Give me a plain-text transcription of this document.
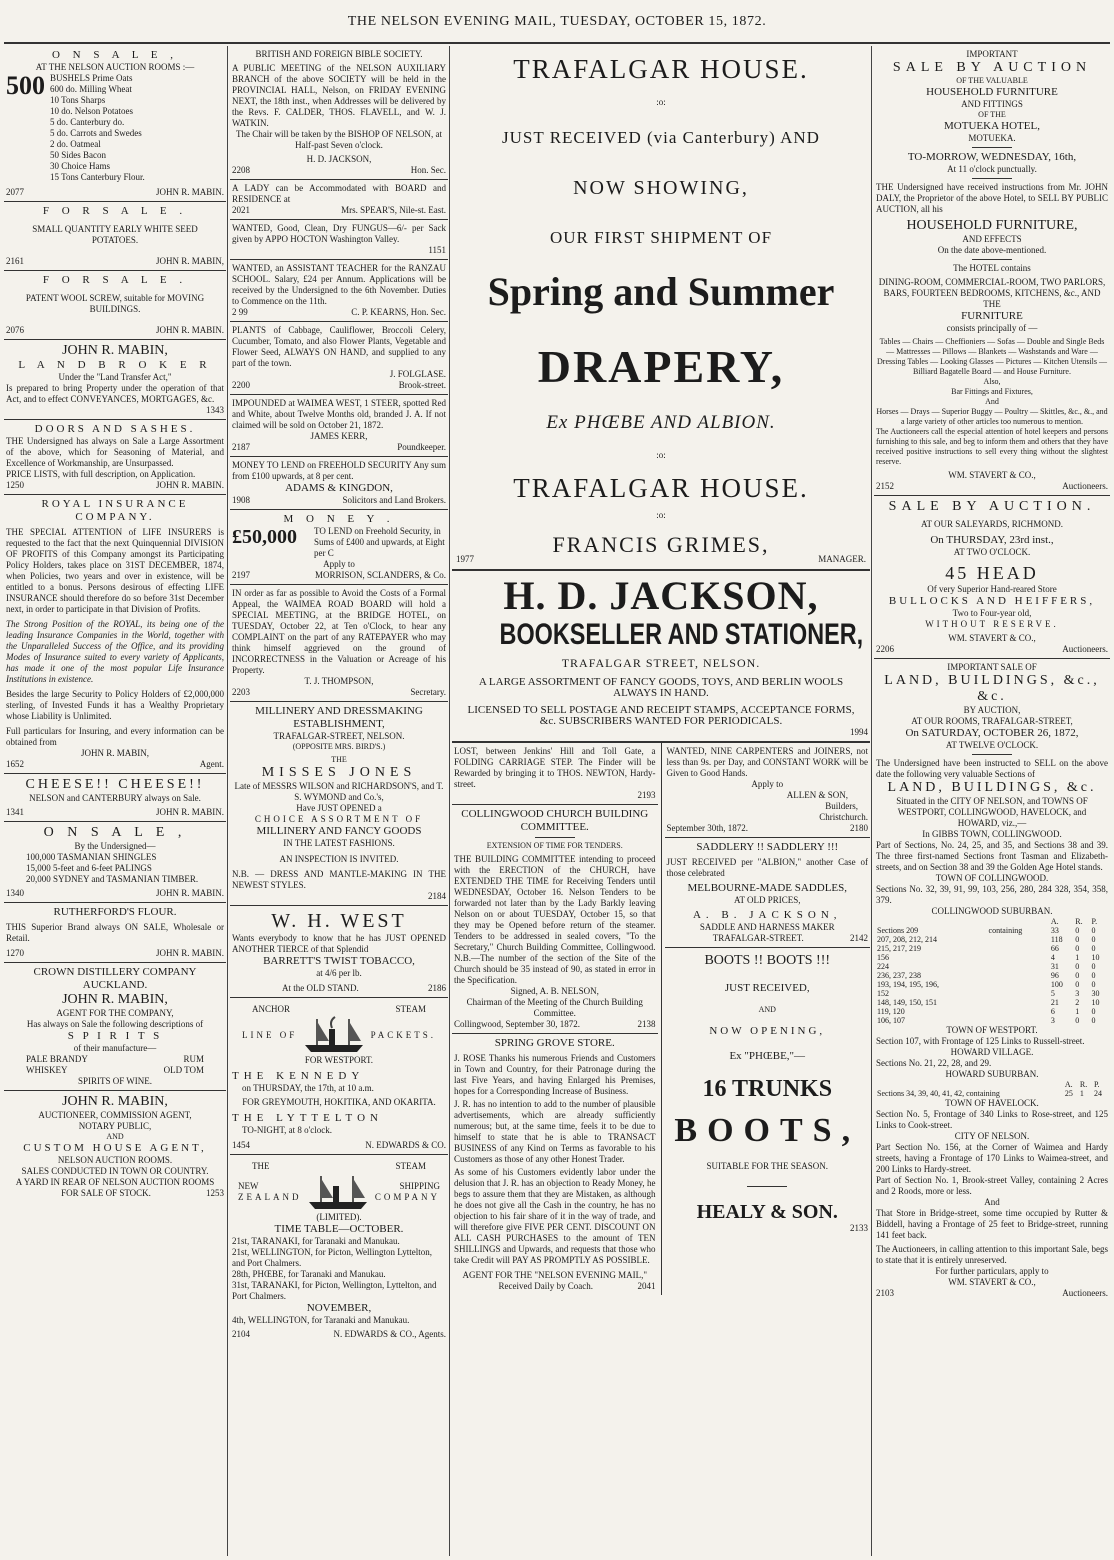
THE NELSON EVENING MAIL, TUESDAY, OCTOBER 15, 1872.
O N S A L E ,
AT THE NELSON AUCTION ROOMS :—
500 BUSHELS Prime Oats
600 do. Milling Wheat
10 Tons Sharps
10 do. Nelson Potatoes
5 do. Canterbury do.
5 do. Carrots and Swedes
2 do. Oatmeal
50 Sides Bacon
30 Choice Hams
15 Tons Canterbury Flour.
2077	JOHN R. MABIN.
F O R S A L E .
SMALL QUANTITY EARLY WHITE SEED POTATOES.
2161	JOHN R. MABIN,
F O R S A L E .
PATENT WOOL SCREW, suitable for MOVING BUILDINGS.
2076	JOHN R. MABIN.
JOHN R. MABIN,
L A N D B R O K E R
Under the "Land Transfer Act,"
Is prepared to bring Property under the operation of that Act, and to effect CONVEYANCES, MORTGAGES, &c.
1343
DOORS AND SASHES.
THE Undersigned has always on Sale a Large Assortment of the above, which for Seasoning of Material, and Excellence of Workmanship, are Unsurpassed.
PRICE LISTS, with full description, on Application.
1250	JOHN R. MABIN.
ROYAL INSURANCE COMPANY.
THE SPECIAL ATTENTION of LIFE INSURERS is requested to the fact that the next Quinquennial DIVISION OF PROFITS of this Company amongst its Participating Policy Holders, takes place on 31ST DECEMBER, 1874, when Policies, two years and over in existence, will be entitled to a bonus. Persons desirous of effecting LIFE INSURANCE should therefore do so before 31st December next, in order to participate in that Division of Profits.
The Strong Position of the ROYAL, its being one of the leading Insurance Companies in the World, together with the Unparalleled Success of the Office, and its providing Modes of Insurance suited to every variety of Applicants, has made it one of the most popular Life Insurance Institutions in existence.
Besides the large Security to Policy Holders of £2,000,000 sterling, of Invested Funds it has a Wealthy Proprietary whose Liability is Unlimited.
Full particulars for Insuring, and every information can be obtained from
JOHN R. MABIN,
1652	Agent.
CHEESE!! CHEESE!!
NELSON and CANTERBURY always on Sale.
1341	JOHN R. MABIN.
O N S A L E ,
By the Undersigned—
100,000 TASMANIAN SHINGLES
15,000 5-feet and 6-feet PALINGS
20,000 SYDNEY and TASMANIAN TIMBER.
1340	JOHN R. MABIN.
RUTHERFORD'S FLOUR.
THIS Superior Brand always ON SALE, Wholesale or Retail.
1270	JOHN R. MABIN.
CROWN DISTILLERY COMPANY AUCKLAND.
JOHN R. MABIN,
AGENT FOR THE COMPANY,
Has always on Sale the following descriptions of
S P I R I T S
of their manufacture—
PALE BRANDY	RUM
WHISKEY	OLD TOM
SPIRITS OF WINE.
JOHN R. MABIN,
AUCTIONEER, COMMISSION AGENT,
NOTARY PUBLIC,
AND
CUSTOM HOUSE AGENT,
NELSON AUCTION ROOMS.
SALES CONDUCTED IN TOWN OR COUNTRY.
A YARD IN REAR OF NELSON AUCTION ROOMS
FOR SALE OF STOCK.	1253
BRITISH AND FOREIGN BIBLE SOCIETY.
A PUBLIC MEETING of the NELSON AUXILIARY BRANCH of the above SOCIETY will be held in the PROVINCIAL HALL, Nelson, on FRIDAY EVENING NEXT, the 18th inst., when Addresses will be delivered by the Revs. F. CALDER, THOS. FLAVELL, and W. J. WATKIN.
The Chair will be taken by the BISHOP OF NELSON, at Half-past Seven o'clock.
H. D. JACKSON,
2208	Hon. Sec.
A LADY can be Accommodated with BOARD and RESIDENCE at
2021	Mrs. SPEAR'S, Nile-st. East.
WANTED, Good, Clean, Dry FUNGUS—6/- per Sack given by APPO HOCTON Washington Valley.
1151
WANTED, an ASSISTANT TEACHER for the RANZAU SCHOOL. Salary, £24 per Annum. Applications will be received by the Undersigned to the 6th November. Duties to Commence on the 11th.
2 99	C. P. KEARNS, Hon. Sec.
PLANTS of Cabbage, Cauliflower, Broccoli Celery, Cucumber, Tomato, and also Flower Plants, Vegetable and Flower Seed, ALWAYS ON HAND, and supplied to any part of the town.
J. FOLGLASE.
2200	Brook-street.
IMPOUNDED at WAIMEA WEST, 1 STEER, spotted Red and White, about Twelve Months old, branded J. A. If not claimed will be sold on October 21, 1872.
JAMES KERR,
2187	Poundkeeper.
MONEY TO LEND on FREEHOLD SECURITY Any sum from £100 upwards, at 8 per cent.
ADAMS & KINGDON,
1908	Solicitors and Land Brokers.
M O N E Y .
£50,000	TO LEND on Freehold Security, in Sums of £400 and upwards, at Eight per C
Apply to
2197	MORRISON, SCLANDERS, & Co.
IN order as far as possible to Avoid the Costs of a Formal Appeal, the WAIMEA ROAD BOARD will hold a SPECIAL MEETING, at the BRIDGE HOTEL, on TUESDAY, October 22, at Ten o'Clock, to hear any COMPLAINT on the part of any RATEPAYER who may think himself aggrieved on the ground of INCORRECTNESS in the Valuation or Acreage of his Property.
T. J. THOMPSON,
2203	Secretary.
MILLINERY AND DRESSMAKING ESTABLISHMENT,
TRAFALGAR-STREET, NELSON.
(OPPOSITE MRS. BIRD'S.)
THE
MISSES JONES
Late of MESSRS WILSON and RICHARDSON'S, and T. S. WYMOND and Co.'s,
Have JUST OPENED a
CHOICE ASSORTMENT OF
MILLINERY AND FANCY GOODS
IN THE LATEST FASHIONS.
AN INSPECTION IS INVITED.
N.B. — DRESS AND MANTLE-MAKING IN THE NEWEST STYLES.
2184
W. H. WEST
Wants everybody to know that he has JUST OPENED ANOTHER TIERCE of that Splendid
BARRETT'S TWIST TOBACCO,
at 4/6 per lb.
At the OLD STAND.	2186
ANCHOR	STEAM
LINE OF	PACKETS.
FOR WESTPORT.
THE KENNEDY
on THURSDAY, the 17th, at 10 a.m.
FOR GREYMOUTH, HOKITIKA, AND OKARITA.
THE LYTTELTON
TO-NIGHT, at 8 o'clock.
1454	N. EDWARDS & CO.
THE	STEAM
NEW
ZEALAND
SHIPPING
COMPANY
(LIMITED).
TIME TABLE—OCTOBER.
21st, TARANAKI, for Taranaki and Manukau.
21st, WELLINGTON, for Picton, Wellington Lyttelton, and Port Chalmers.
28th, PHŒBE, for Taranaki and Manukau.
31st, TARANAKI, for Picton, Wellington, Lyttelton, and Port Chalmers.
NOVEMBER,
4th, WELLINGTON, for Taranaki and Manukau.
2104	N. EDWARDS & CO., Agents.
TRAFALGAR HOUSE.
:o:
JUST RECEIVED (via Canterbury) AND
NOW SHOWING,
OUR FIRST SHIPMENT OF
Spring and Summer
DRAPERY,
Ex PHŒBE AND ALBION.
:o:
TRAFALGAR HOUSE.
:o:
FRANCIS GRIMES,
1977	MANAGER.
H. D. JACKSON,
BOOKSELLER AND STATIONER,
TRAFALGAR STREET, NELSON.
A LARGE ASSORTMENT OF FANCY GOODS, TOYS, AND BERLIN WOOLS ALWAYS IN HAND.
LICENSED TO SELL POSTAGE AND RECEIPT STAMPS, ACCEPTANCE FORMS, &c. SUBSCRIBERS WANTED FOR PERIODICALS.
1994
LOST, between Jenkins' Hill and Toll Gate, a FOLDING CARRIAGE STEP. The Finder will be Rewarded by bringing it to THOS. NEWTON, Hardy-street.
2193
COLLINGWOOD CHURCH BUILDING COMMITTEE.
EXTENSION OF TIME FOR TENDERS.
THE BUILDING COMMITTEE intending to proceed with the ERECTION of the CHURCH, have EXTENDED THE TIME for Receiving Tenders until WEDNESDAY, October 16. Nelson Tenders to be forwarded not later than by the Lady Barkly leaving Nelson on or about TUESDAY, October 15, so that they may be Opened before return of the steamer. Tenders to be addressed in sealed covers, "To the Secretary," Church Building Committee, Collingwood. N.B.—The number of the section of the Site of the Church should be 35 instead of 90, as stated in error in the Specification.
Signed, A. B. NELSON,
Chairman of the Meeting of the Church Building Committee.
Collingwood, September 30, 1872.	2138
SPRING GROVE STORE.
J. ROSE Thanks his numerous Friends and Customers in Town and Country, for their Patronage during the last Five Years, and having Enlarged his Premises, hopes for a Corresponding Increase of Business.
J. R. has no intention to add to the number of plausible advertisements, which are already sufficiently numerous; but, at the same time, feels it to be due to himself to state that he is able to TRANSACT BUSINESS of any Kind on Terms as favorable to his Customers as those of any other Honest Trader.
As some of his Customers evidently labor under the delusion that J. R. has an objection to Ready Money, he begs to assure them that they are Mistaken, as although he does not give all the Cash in the country, he has no objection to his fair share of it in the way of trade, and will therefore give FIVE PER CENT. DISCOUNT ON ALL CASH PURCHASES to the amount of TEN SHILLINGS and Upwards, and requests that those who take Credit will PAY AS PROMPTLY AS POSSIBLE.
AGENT FOR THE "NELSON EVENING MAIL,"
Received Daily by Coach.	2041
WANTED, NINE CARPENTERS and JOINERS, not less than 9s. per Day, and CONSTANT WORK will be Given to Good Hands.
Apply to
ALLEN & SON,
Builders,
Christchurch.
September 30th, 1872.	2180
SADDLERY !! SADDLERY !!!
JUST RECEIVED per "ALBION," another Case of those celebrated
MELBOURNE-MADE SADDLES,
AT OLD PRICES,
A. B. JACKSON,
SADDLE AND HARNESS MAKER
TRAFALGAR-STREET.	2142
BOOTS !! BOOTS !!!
JUST RECEIVED,
AND
NOW OPENING,
Ex "PHŒBE,"—
16 TRUNKS
BOOTS,
SUITABLE FOR THE SEASON.
HEALY & SON.
2133
IMPORTANT
SALE BY AUCTION
OF THE VALUABLE
HOUSEHOLD FURNITURE
AND FITTINGS
OF THE
MOTUEKA HOTEL,
MOTUEKA.
TO-MORROW, WEDNESDAY, 16th,
At 11 o'clock punctually.
THE Undersigned have received instructions from Mr. JOHN DALY, the Proprietor of the above Hotel, to SELL BY PUBLIC AUCTION, all his
HOUSEHOLD FURNITURE,
AND EFFECTS
On the date above-mentioned.
The HOTEL contains
DINING-ROOM, COMMERCIAL-ROOM, TWO PARLORS, BARS, FOURTEEN BEDROOMS, KITCHENS, &c., AND THE
FURNITURE
consists principally of —
Tables — Chairs — Cheffioniers — Sofas — Double and Single Beds — Mattresses — Pillows — Blankets — Washstands and Ware — Dressing Tables — Looking Glasses — Pictures — Kitchen Utensils — Billiard Bagatelle Board — and House Furniture.
Also,
Bar Fittings and Fixtures,
And
Horses — Drays — Superior Buggy — Poultry — Skittles, &c., &., and a large variety of other articles too numerous to mention.
The Auctioneers call the especial attention of hotel keepers and persons furnishing to this sale, and beg to inform them and others that they have received positive instructions to sell every thing without the slightest reserve.
WM. STAVERT & CO.,
2152	Auctioneers.
SALE BY AUCTION.
AT OUR SALEYARDS, RICHMOND.
On THURSDAY, 23rd inst.,
AT TWO O'CLOCK.
45 HEAD
Of very Superior Hand-reared Store
BULLOCKS AND HEIFFERS,
Two to Four-year old,
WITHOUT RESERVE.
WM. STAVERT & CO.,
2206	Auctioneers.
IMPORTANT SALE OF
LAND, BUILDINGS, &c., &c.
BY AUCTION,
AT OUR ROOMS, TRAFALGAR-STREET,
On SATURDAY, OCTOBER 26, 1872,
AT TWELVE O'CLOCK.
The Undersigned have been instructed to SELL on the above date the following very valuable Sections of
LAND, BUILDINGS, &c.
Situated in the CITY OF NELSON, and TOWNS OF WESTPORT, COLLINGWOOD, HAVELOCK, and HOWARD, viz.,—
In GIBBS TOWN, COLLINGWOOD.
Part of Sections, No. 24, 25, and 35, and Sections 38 and 39. The three first-named Sections front Tasman and Elizabeth-streets, and on Section 38 and 39 the Golden Age Hotel stands.
TOWN OF COLLINGWOOD.
Sections No. 32, 39, 91, 99, 103, 256, 280, 284 328, 354, 358, 379.
COLLINGWOOD SUBURBAN.
		A.	R.	P.
Sections 209	containing	33	0	0
207, 208, 212, 214		118	0	0
215, 217, 219		66	0	0
156		4	1	10
224		31	0	0
236, 237, 238		96	0	0
193, 194, 195, 196,		100	0	0
152		5	3	30
148, 149, 150, 151		21	2	10
119, 120		6	1	0
106, 107		3	0	0
TOWN OF WESTPORT.
Section 107, with Frontage of 125 Links to Russell-street.
HOWARD VILLAGE.
Sections No. 21, 22, 28, and 29.
HOWARD SUBURBAN.
	A.	R.	P.
Sections 34, 39, 40, 41, 42, containing	25	1	24
TOWN OF HAVELOCK.
Section No. 5, Frontage of 340 Links to Rose-street, and 125 Links to Cook-street.
CITY OF NELSON.
Part Section No. 156, at the Corner of Waimea and Hardy streets, having a Frontage of 170 Links to Waimea-street, and 200 Links to Hardy-street.
Part of Section No. 1, Brook-street Valley, containing 2 Acres and 2 Roods, more or less.
And
That Store in Bridge-street, some time occupied by Rutter & Biddell, having a Frontage of 25 feet to Bridge-street, running 141 feet back.
The Auctioneers, in calling attention to this important Sale, begs to state that it is entirely unreserved.
For further particulars, apply to
WM. STAVERT & CO.,
2103	Auctioneers.
